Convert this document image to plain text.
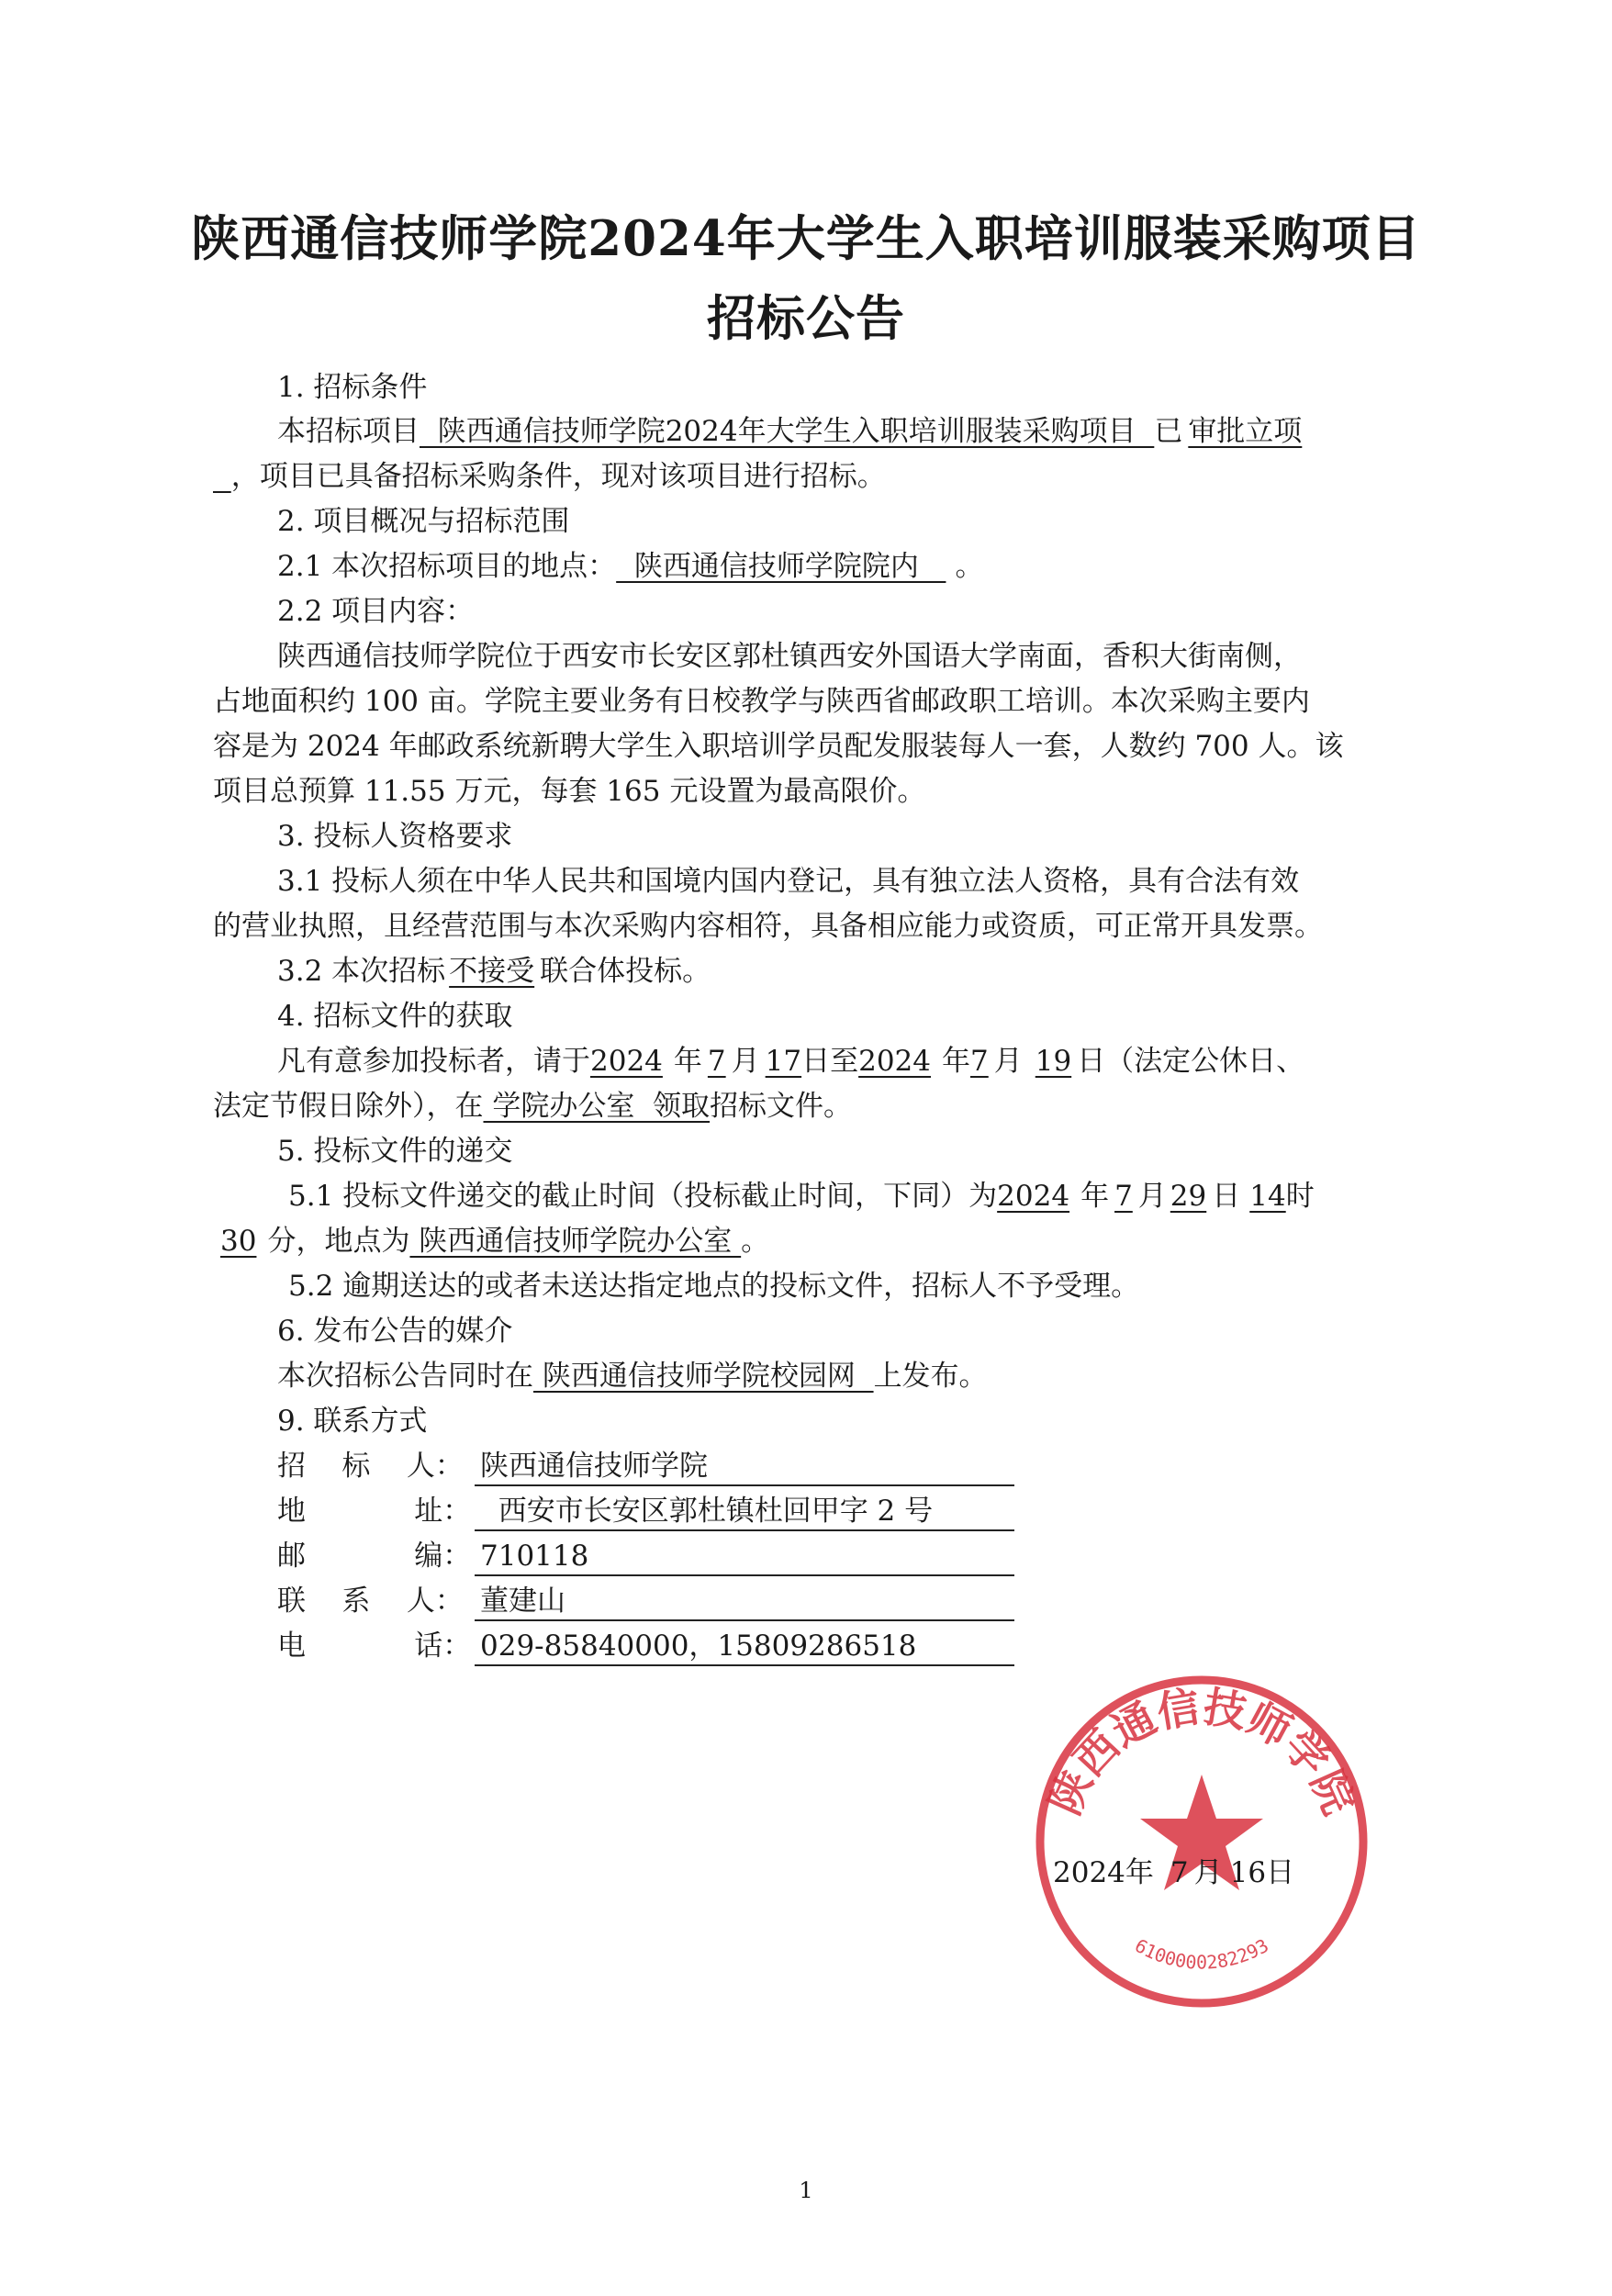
陕西通信技师学院2024年大学生入职培训服装采购项目
招标公告
1. 招标条件
本招标项目  陕西通信技师学院2024年大学生入职培训服装采购项目  已 审批立项
，项目已具备招标采购条件，现对该项目进行招标。
2. 项目概况与招标范围
2.1 本次招标项目的地点：  陕西通信技师学院院内   。
2.2 项目内容：
陕西通信技师学院位于西安市长安区郭杜镇西安外国语大学南面，香积大街南侧，
占地面积约 100 亩。学院主要业务有日校教学与陕西省邮政职工培训。本次采购主要内
容是为 2024 年邮政系统新聘大学生入职培训学员配发服装每人一套，人数约 700 人。该
项目总预算 11.55 万元，每套 165 元设置为最高限价。
3. 投标人资格要求
3.1 投标人须在中华人民共和国境内国内登记，具有独立法人资格，具有合法有效
的营业执照，且经营范围与本次采购内容相符，具备相应能力或资质，可正常开具发票。
3.2 本次招标 不接受 联合体投标。
4. 招标文件的获取
凡有意参加投标者，请于2024 年 7 月 17日至2024 年7 月 19 日（法定公休日、
法定节假日除外），在 学院办公室  领取招标文件。
5. 投标文件的递交
5.1 投标文件递交的截止时间（投标截止时间，下同）为2024 年 7 月 29 日 14时
30 分，地点为 陕西通信技师学院办公室 。
5.2 逾期送达的或者未送达指定地点的投标文件，招标人不予受理。
6. 发布公告的媒介
本次招标公告同时在 陕西通信技师学院校园网  上发布。
9. 联系方式
招    标    人： 陕西通信技师学院
地            址：  西安市长安区郭杜镇杜回甲字 2 号
邮            编： 710118
联    系    人： 董建山
电            话： 029-85840000，15809286518
陕西通信技师学院
6100000282293
2024年 7 月 16日
1
